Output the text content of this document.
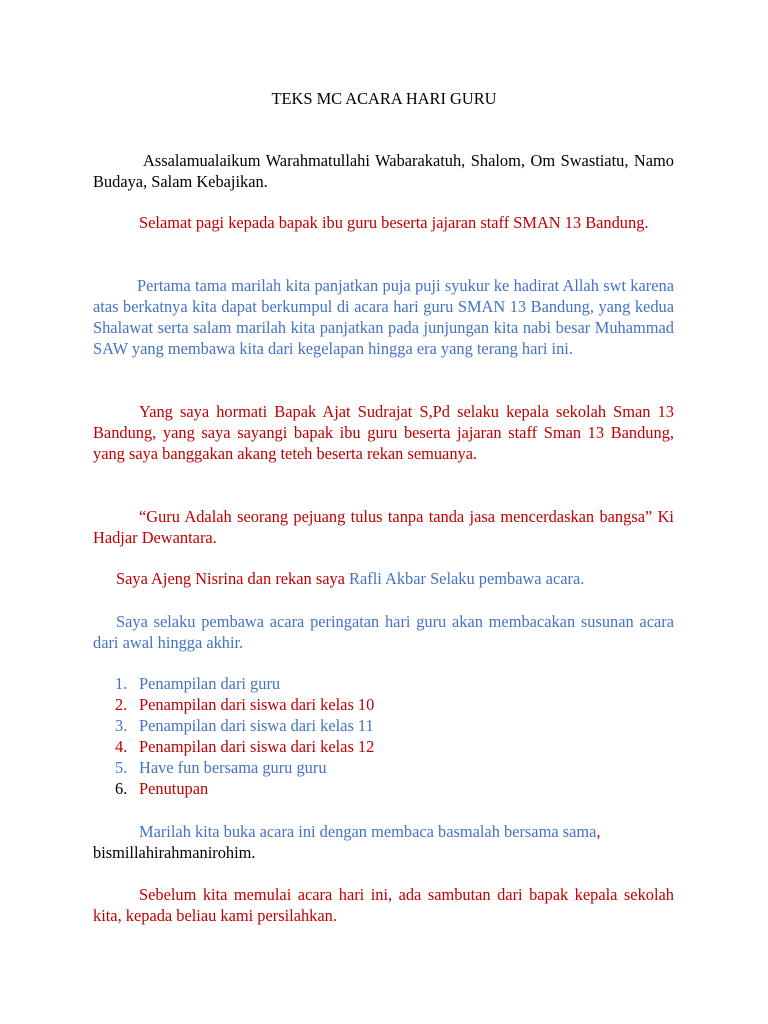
TEKS MC ACARA HARI GURU

Assalamualaikum Warahmatullahi Wabarakatuh, Shalom, Om Swastiatu, Namo Budaya, Salam Kebajikan.

Selamat pagi kepada bapak ibu guru beserta jajaran staff SMAN 13 Bandung.

Pertama tama marilah kita panjatkan puja puji syukur ke hadirat Allah swt karena atas berkatnya kita dapat berkumpul di acara hari guru SMAN 13 Bandung, yang kedua Shalawat serta salam marilah kita panjatkan pada junjungan kita nabi besar Muhammad SAW yang membawa kita dari kegelapan hingga era yang terang hari ini.

Yang saya hormati Bapak Ajat Sudrajat S,Pd selaku kepala sekolah Sman 13 Bandung, yang saya sayangi bapak ibu guru beserta jajaran staff Sman 13 Bandung, yang saya banggakan akang teteh beserta rekan semuanya.

“Guru Adalah seorang pejuang tulus tanpa tanda jasa mencerdaskan bangsa” Ki Hadjar Dewantara.

Saya Ajeng Nisrina dan rekan saya Rafli Akbar Selaku pembawa acara.

Saya selaku pembawa acara peringatan hari guru akan membacakan susunan acara dari awal hingga akhir.

1. Penampilan dari guru
2. Penampilan dari siswa dari kelas 10
3. Penampilan dari siswa dari kelas 11
4. Penampilan dari siswa dari kelas 12
5. Have fun bersama guru guru
6. Penutupan

Marilah kita buka acara ini dengan membaca basmalah bersama sama,
bismillahirahmanirohim.

Sebelum kita memulai acara hari ini, ada sambutan dari bapak kepala sekolah kita, kepada beliau kami persilahkan.
